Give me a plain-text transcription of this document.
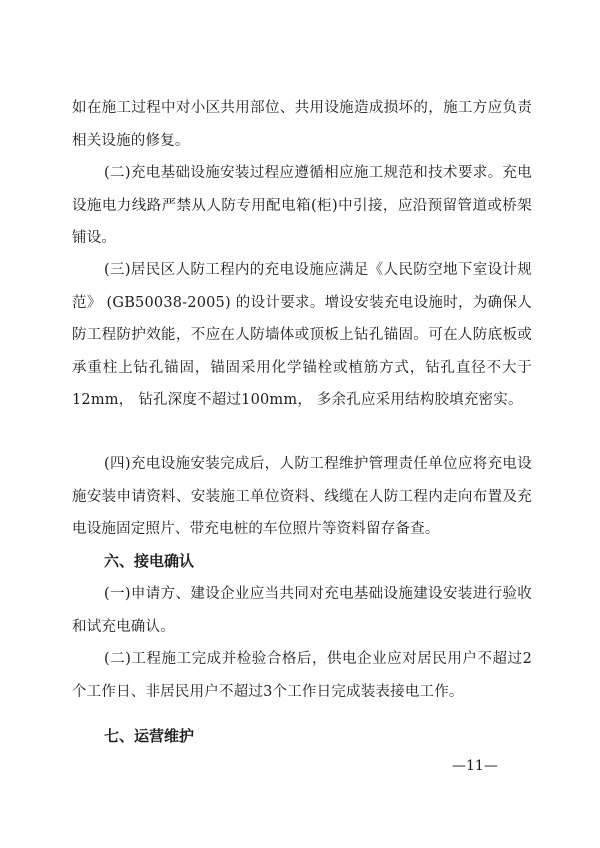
如在施工过程中对小区共用部位、共用设施造成损坏的，施工方应负责相关设施的修复。

(二)充电基础设施安装过程应遵循相应施工规范和技术要求。充电设施电力线路严禁从人防专用配电箱(柜)中引接，应沿预留管道或桥架铺设。

(三)居民区人防工程内的充电设施应满足《人民防空地下室设计规范》 (GB50038-2005) 的设计要求。增设安装充电设施时，为确保人防工程防护效能，不应在人防墙体或顶板上钻孔锚固。可在人防底板或承重柱上钻孔锚固，锚固采用化学锚栓或植筋方式，钻孔直径不大于12mm， 钻孔深度不超过100mm， 多余孔应采用结构胶填充密实。

(四)充电设施安装完成后，人防工程维护管理责任单位应将充电设施安装申请资料、安装施工单位资料、线缆在人防工程内走向布置及充电设施固定照片、带充电桩的车位照片等资料留存备查。

六、接电确认

(一)申请方、建设企业应当共同对充电基础设施建设安装进行验收和试充电确认。

(二)工程施工完成并检验合格后，供电企业应对居民用户不超过2个工作日、非居民用户不超过3个工作日完成装表接电工作。

七、运营维护

—11—
